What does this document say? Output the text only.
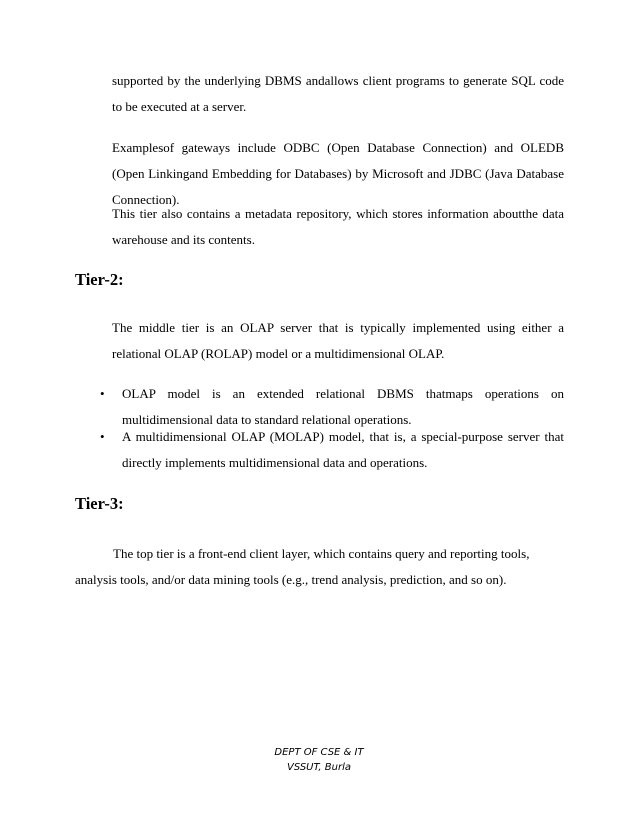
supported by the underlying DBMS andallows client programs to generate SQL code to be executed at a server.

Examplesof gateways include ODBC (Open Database Connection) and OLEDB (Open Linkingand Embedding for Databases) by Microsoft and JDBC (Java Database Connection).

This tier also contains a metadata repository, which stores information aboutthe data warehouse and its contents.

Tier-2:

The middle tier is an OLAP server that is typically implemented using either a relational OLAP (ROLAP) model or a multidimensional OLAP.

•	OLAP model is an extended relational DBMS thatmaps operations on multidimensional data to standard relational operations.

•	A multidimensional OLAP (MOLAP) model, that is, a special-purpose server that directly implements multidimensional data and operations.

Tier-3:
The top tier is a front-end client layer, which contains query and reporting tools,
analysis tools, and/or data mining tools (e.g., trend analysis, prediction, and so on).
DEPT OF CSE & IT
VSSUT, Burla
